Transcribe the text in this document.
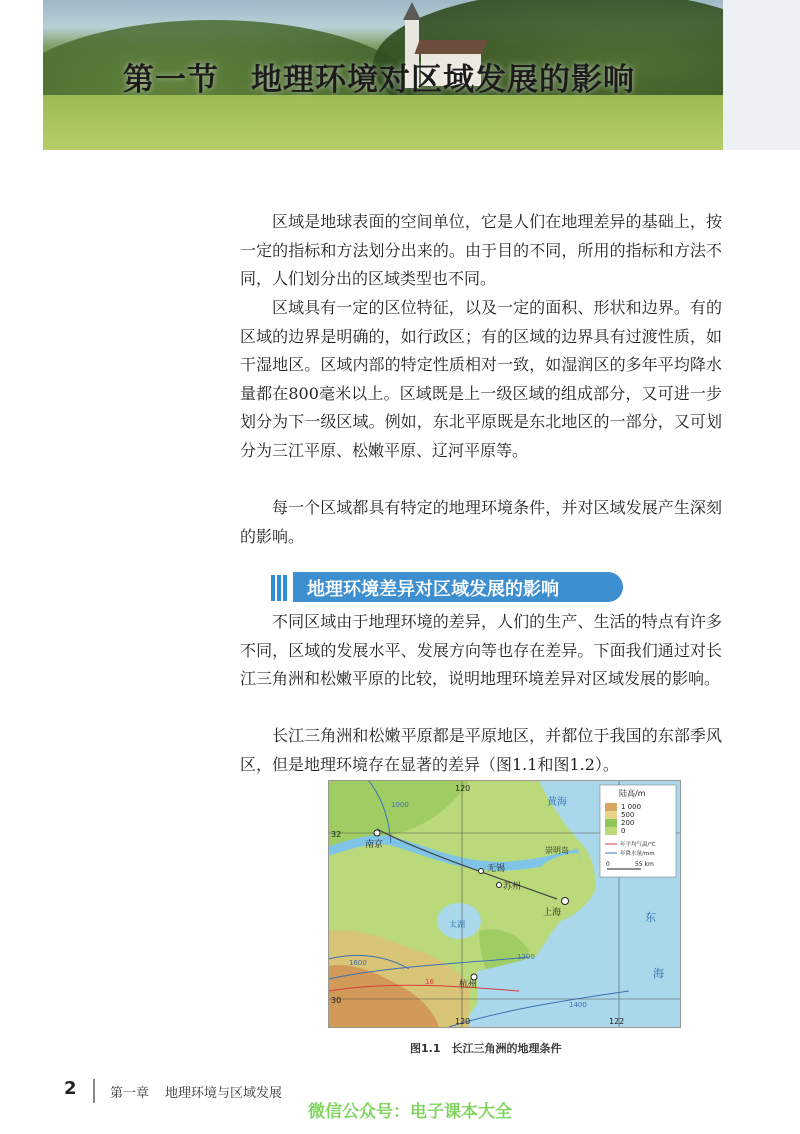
第一节　地理环境对区域发展的影响
区域是地球表面的空间单位，它是人们在地理差异的基础上，按一定的指标和方法划分出来的。由于目的不同，所用的指标和方法不同，人们划分出的区域类型也不同。
区域具有一定的区位特征，以及一定的面积、形状和边界。有的区域的边界是明确的，如行政区；有的区域的边界具有过渡性质，如干湿地区。区域内部的特定性质相对一致，如湿润区的多年平均降水量都在800毫米以上。区域既是上一级区域的组成部分，又可进一步划分为下一级区域。例如，东北平原既是东北地区的一部分，又可划分为三江平原、松嫩平原、辽河平原等。
每一个区域都具有特定的地理环境条件，并对区域发展产生深刻的影响。
地理环境差异对区域发展的影响
不同区域由于地理环境的差异，人们的生产、生活的特点有许多不同，区域的发展水平、发展方向等也存在差异。下面我们通过对长江三角洲和松嫩平原的比较，说明地理环境差异对区域发展的影响。
长江三角洲和松嫩平原都是平原地区，并都位于我国的东部季风区，但是地理环境存在显著的差异（图1.1和图1.2）。
南京
无锡
苏州
上海
杭州
崇明岛
太湖
黄海
东
海
32
30
120
120	122
1000
1200
16
1400
1600
陆高/m
1 000
500
200
0
年平均气温/℃
年降水量/mm
0	55 km
图1.1　长江三角洲的地理条件
2	第一章 地理环境与区域发展
微信公众号：电子课本大全
